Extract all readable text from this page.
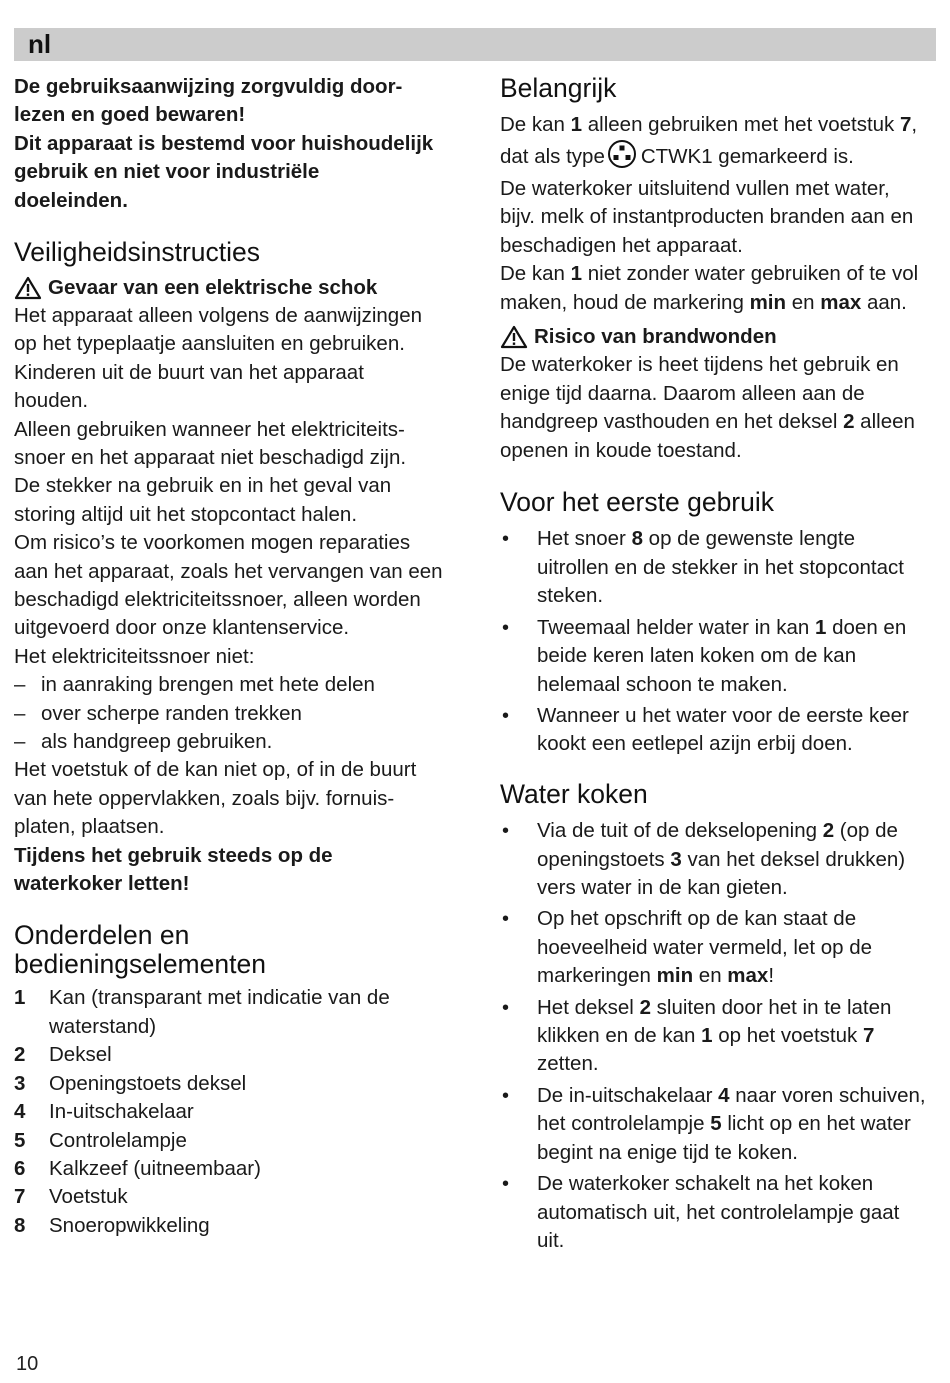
nl

De gebruiksaanwijzing zorgvuldig door-

lezen en goed bewaren!

Dit apparaat is bestemd voor huishoudelijk

gebruik en niet voor industriële

doeleinden.

Veiligheidsinstructies
Gevaar van een elektrische schok

Het apparaat alleen volgens de aanwijzingen

op het typeplaatje aansluiten en gebruiken.

Kinderen uit de buurt van het apparaat

houden.

Alleen gebruiken wanneer het elektriciteits-

snoer en het apparaat niet beschadigd zijn.

De stekker na gebruik en in het geval van

storing altijd uit het stopcontact halen.

Om risico’s te voorkomen mogen reparaties

aan het apparaat, zoals het vervangen van een

beschadigd elektriciteitssnoer, alleen worden

uitgevoerd door onze klantenservice.

Het elektriciteitssnoer niet:

– in aanraking brengen met hete delen
– over scherpe randen trekken
– als handgreep gebruiken.

Het voetstuk of de kan niet op, of in de buurt

van hete oppervlakken, zoals bijv. fornuis-

platen, plaatsen.

Tijdens het gebruik steeds op de

waterkoker letten!

Onderdelen en
bedieningselementen
1	Kan (transparant met indicatie van de
waterstand)
2	Deksel
3	Openingstoets deksel
4	In-uitschakelaar
5	Controlelampje
6	Kalkzeef (uitneembaar)
7	Voetstuk
8	Snoeropwikkeling
Belangrijk

De kan 1 alleen gebruiken met het voetstuk 7,

dat als type CTWK1 gemarkeerd is.

De waterkoker uitsluitend vullen met water,

bijv. melk of instantproducten branden aan en

beschadigen het apparaat.

De kan 1 niet zonder water gebruiken of te vol

maken, houd de markering min en max aan.

Risico van brandwonden

De waterkoker is heet tijdens het gebruik en

enige tijd daarna. Daarom alleen aan de

handgreep vasthouden en het deksel 2 alleen

openen in koude toestand.

Voor het eerste gebruik
•	Het snoer 8 op de gewenste lengte
uitrollen en de stekker in het stopcontact
steken.
•	Tweemaal helder water in kan 1 doen en
beide keren laten koken om de kan
helemaal schoon te maken.
•	Wanneer u het water voor de eerste keer
kookt een eetlepel azijn erbij doen.
Water koken
•	Via de tuit of de dekselopening 2 (op de
openingstoets 3 van het deksel drukken)
vers water in de kan gieten.
•	Op het opschrift op de kan staat de
hoeveelheid water vermeld, let op de
markeringen min en max!
•	Het deksel 2 sluiten door het in te laten
klikken en de kan 1 op het voetstuk 7
zetten.
•	De in-uitschakelaar 4 naar voren schuiven,
het controlelampje 5 licht op en het water
begint na enige tijd te koken.
•	De waterkoker schakelt na het koken
automatisch uit, het controlelampje gaat
uit.
10
